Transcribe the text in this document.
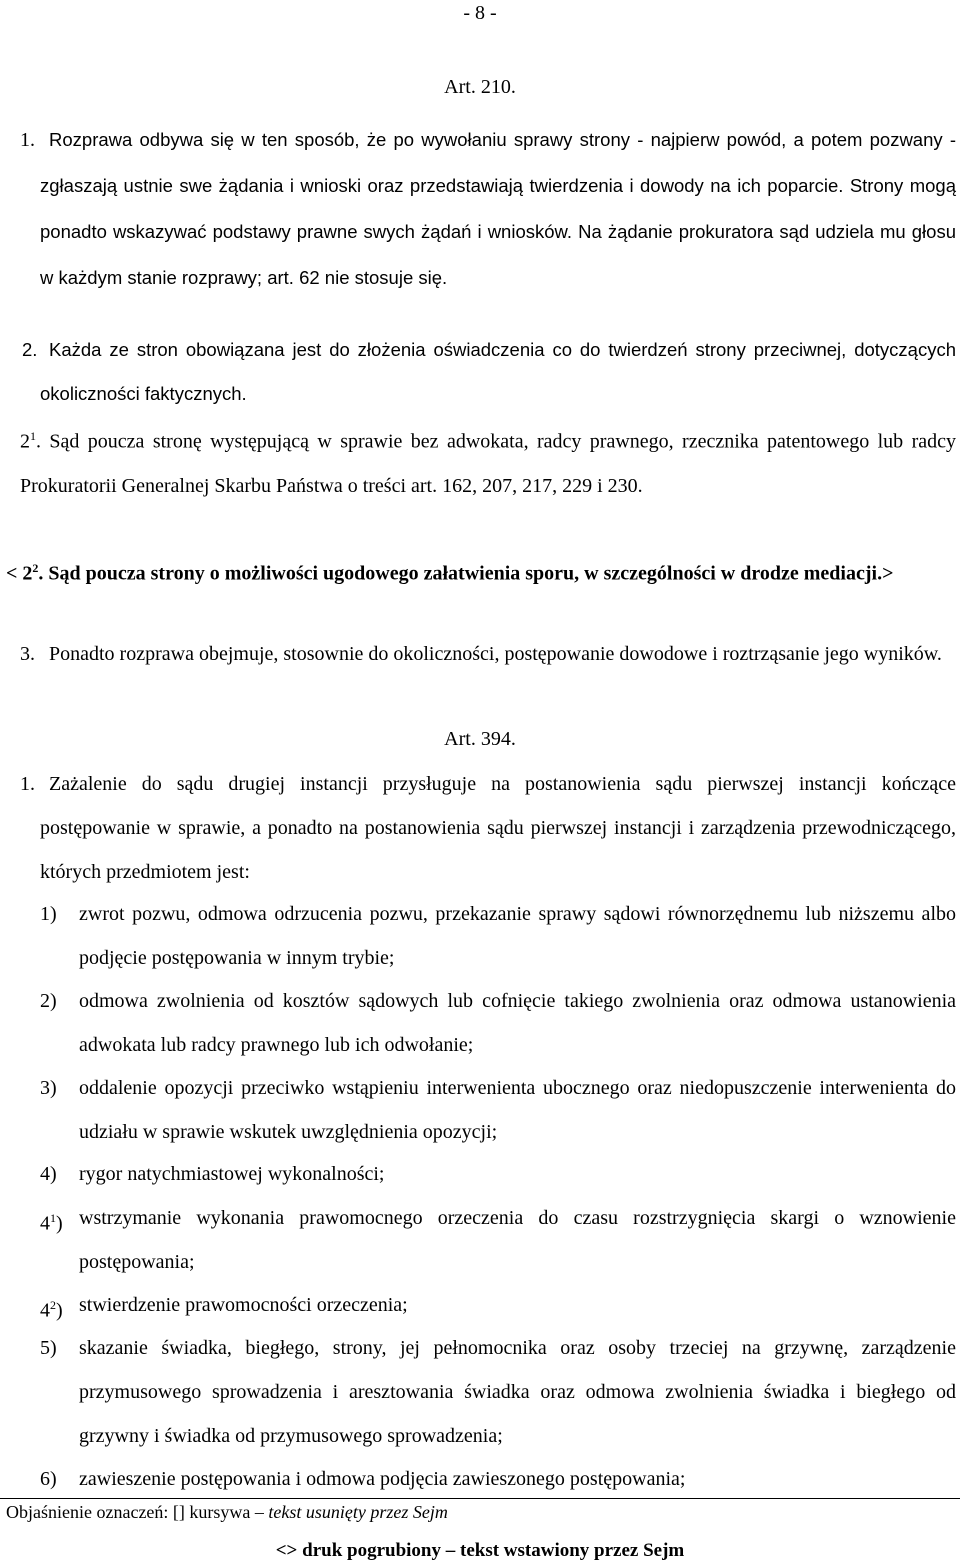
- 8 -
Art. 210.
1. Rozprawa odbywa się w ten sposób, że po wywołaniu sprawy strony - najpierw powód, a potem pozwany - zgłaszają ustnie swe żądania i wnioski oraz przedstawiają twierdzenia i dowody na ich poparcie. Strony mogą ponadto wskazywać podstawy prawne swych żądań i wniosków. Na żądanie prokuratora sąd udziela mu głosu w każdym stanie rozprawy; art. 62 nie stosuje się.

2. Każda ze stron obowiązana jest do złożenia oświadczenia co do twierdzeń strony przeciwnej, dotyczących okoliczności faktycznych.

$2^1$. Sąd poucza stronę występującą w sprawie bez adwokata, radcy prawnego, rzecznika patentowego lub radcy Prokuratorii Generalnej Skarbu Państwa o treści art. 162, 207, 217, 229 i 230.

< $2^2$. Sąd poucza strony o możliwości ugodowego załatwienia sporu, w szczególności w drodze mediacji.>

3. Ponadto rozprawa obejmuje, stosownie do okoliczności, postępowanie dowodowe i roztrząsanie jego wyników.

Art. 394.
1. Zażalenie do sądu drugiej instancji przysługuje na postanowienia sądu pierwszej instancji kończące postępowanie w sprawie, a ponadto na postanowienia sądu pierwszej instancji i zarządzenia przewodniczącego, których przedmiotem jest:

1)	zwrot pozwu, odmowa odrzucenia pozwu, przekazanie sprawy sądowi równorzędnemu lub niższemu albo podjęcie postępowania w innym trybie;
2)	odmowa zwolnienia od kosztów sądowych lub cofnięcie takiego zwolnienia oraz odmowa ustanowienia adwokata lub radcy prawnego lub ich odwołanie;
3)	oddalenie opozycji przeciwko wstąpieniu interwenienta ubocznego oraz niedopuszczenie interwenienta do udziału w sprawie wskutek uwzględnienia opozycji;
4)	rygor natychmiastowej wykonalności;
$4^1$) wstrzymanie wykonania prawomocnego orzeczenia do czasu rozstrzygnięcia skargi o wznowienie postępowania;
$4^2$) stwierdzenie prawomocności orzeczenia;
5)	skazanie świadka, biegłego, strony, jej pełnomocnika oraz osoby trzeciej na grzywnę, zarządzenie przymusowego sprowadzenia i aresztowania świadka oraz odmowa zwolnienia świadka i biegłego od grzywny i świadka od przymusowego sprowadzenia;
6)	zawieszenie postępowania i odmowa podjęcia zawieszonego postępowania;
Objaśnienie oznaczeń: [] kursywa – tekst usunięty przez Sejm
<> druk pogrubiony – tekst wstawiony przez Sejm
